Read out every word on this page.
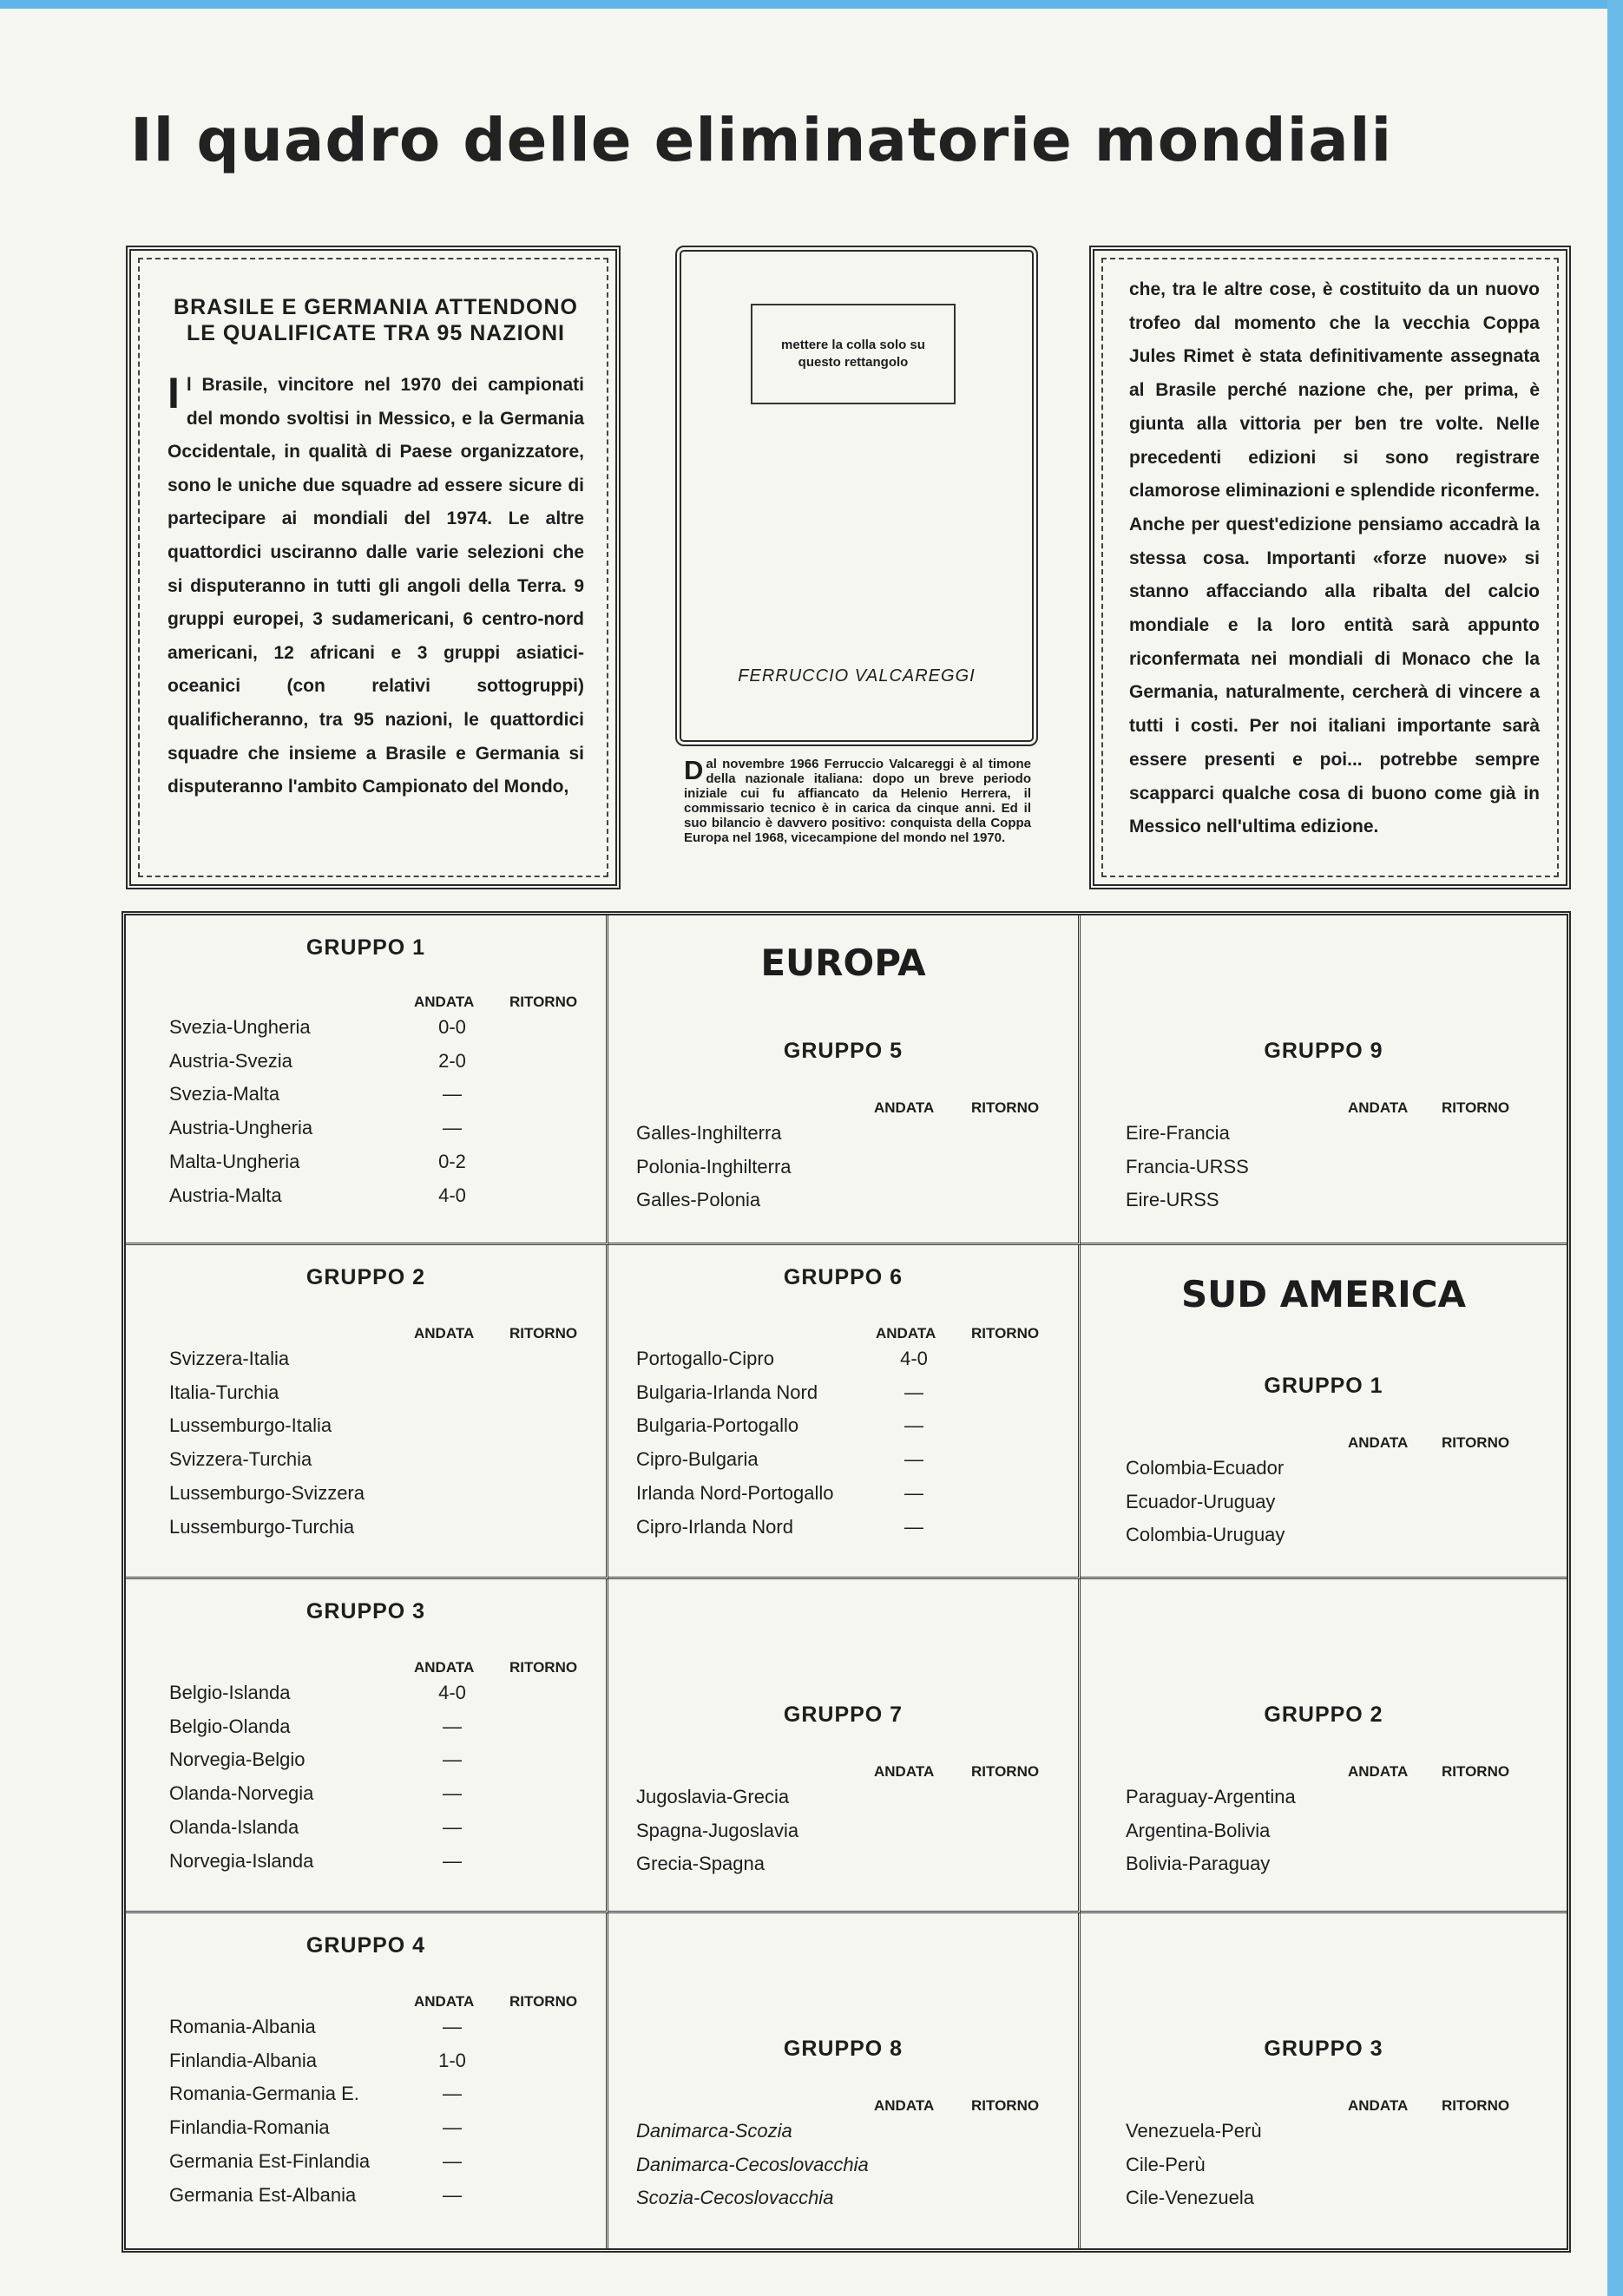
Il quadro delle eliminatorie mondiali

BRASILE E GERMANIA ATTENDONO LE QUALIFICATE TRA 95 NAZIONI

Il Brasile, vincitore nel 1970 dei campionati del mondo svoltisi in Messico, e la Germania Occidentale, in qualità di Paese organizzatore, sono le uniche due squadre ad essere sicure di partecipare ai mondiali del 1974. Le altre quattordici usciranno dalle varie selezioni che si disputeranno in tutti gli angoli della Terra. 9 gruppi europei, 3 sudamericani, 6 centro-nord americani, 12 africani e 3 gruppi asiatici-oceanici (con relativi sottogruppi) qualificheranno, tra 95 nazioni, le quattordici squadre che insieme a Brasile e Germania si disputeranno l'ambito Campionato del Mondo,

mettere la colla solo su questo rettangolo
FERRUCCIO VALCAREGGI
Dal novembre 1966 Ferruccio Valcareggi è al timone della nazionale italiana: dopo un breve periodo iniziale cui fu affiancato da Helenio Herrera, il commissario tecnico è in carica da cinque anni. Ed il suo bilancio è davvero positivo: conquista della Coppa Europa nel 1968, vicecampione del mondo nel 1970.

che, tra le altre cose, è costituito da un nuovo trofeo dal momento che la vecchia Coppa Jules Rimet è stata definitivamente assegnata al Brasile perché nazione che, per prima, è giunta alla vittoria per ben tre volte. Nelle precedenti edizioni si sono registrare clamorose eliminazioni e splendide riconferme. Anche per quest'edizione pensiamo accadrà la stessa cosa. Importanti «forze nuove» si stanno affacciando alla ribalta del calcio mondiale e la loro entità sarà appunto riconfermata nei mondiali di Monaco che la Germania, naturalmente, cercherà di vincere a tutti i costi. Per noi italiani importante sarà essere presenti e poi... potrebbe sempre scapparci qualche cosa di buono come già in Messico nell'ultima edizione.

GRUPPO 1
ANDATA RITORNO
Svezia-Ungheria	0-0
Austria-Svezia	2-0
Svezia-Malta	—
Austria-Ungheria	—
Malta-Ungheria	0-2
Austria-Malta	4-0
EUROPA
GRUPPO 5
ANDATA	RITORNO
Galles-Inghilterra
Polonia-Inghilterra
Galles-Polonia
GRUPPO 9
ANDATA RITORNO
Eire-Francia
Francia-URSS
Eire-URSS
GRUPPO 2
ANDATA RITORNO
Svizzera-Italia
Italia-Turchia
Lussemburgo-Italia
Svizzera-Turchia
Lussemburgo-Svizzera
Lussemburgo-Turchia
GRUPPO 6
ANDATA RITORNO
Portogallo-Cipro	4-0
Bulgaria-Irlanda Nord	—
Bulgaria-Portogallo	—
Cipro-Bulgaria	—
Irlanda Nord-Portogallo	—
Cipro-Irlanda Nord	—
SUD AMERICA
GRUPPO 1
ANDATA RITORNO
Colombia-Ecuador
Ecuador-Uruguay
Colombia-Uruguay
GRUPPO 3
ANDATA RITORNO
Belgio-Islanda	4-0
Belgio-Olanda	—
Norvegia-Belgio	—
Olanda-Norvegia	—
Olanda-Islanda	—
Norvegia-Islanda	—
GRUPPO 7
ANDATA	RITORNO
Jugoslavia-Grecia
Spagna-Jugoslavia
Grecia-Spagna
GRUPPO 2
ANDATA RITORNO
Paraguay-Argentina
Argentina-Bolivia
Bolivia-Paraguay
GRUPPO 4
ANDATA RITORNO
Romania-Albania	—
Finlandia-Albania	1-0
Romania-Germania E.	—
Finlandia-Romania	—
Germania Est-Finlandia	—
Germania Est-Albania	—
GRUPPO 8
ANDATA	RITORNO
Danimarca-Scozia
Danimarca-Cecoslovacchia
Scozia-Cecoslovacchia
GRUPPO 3
ANDATA RITORNO
Venezuela-Perù
Cile-Perù
Cile-Venezuela
